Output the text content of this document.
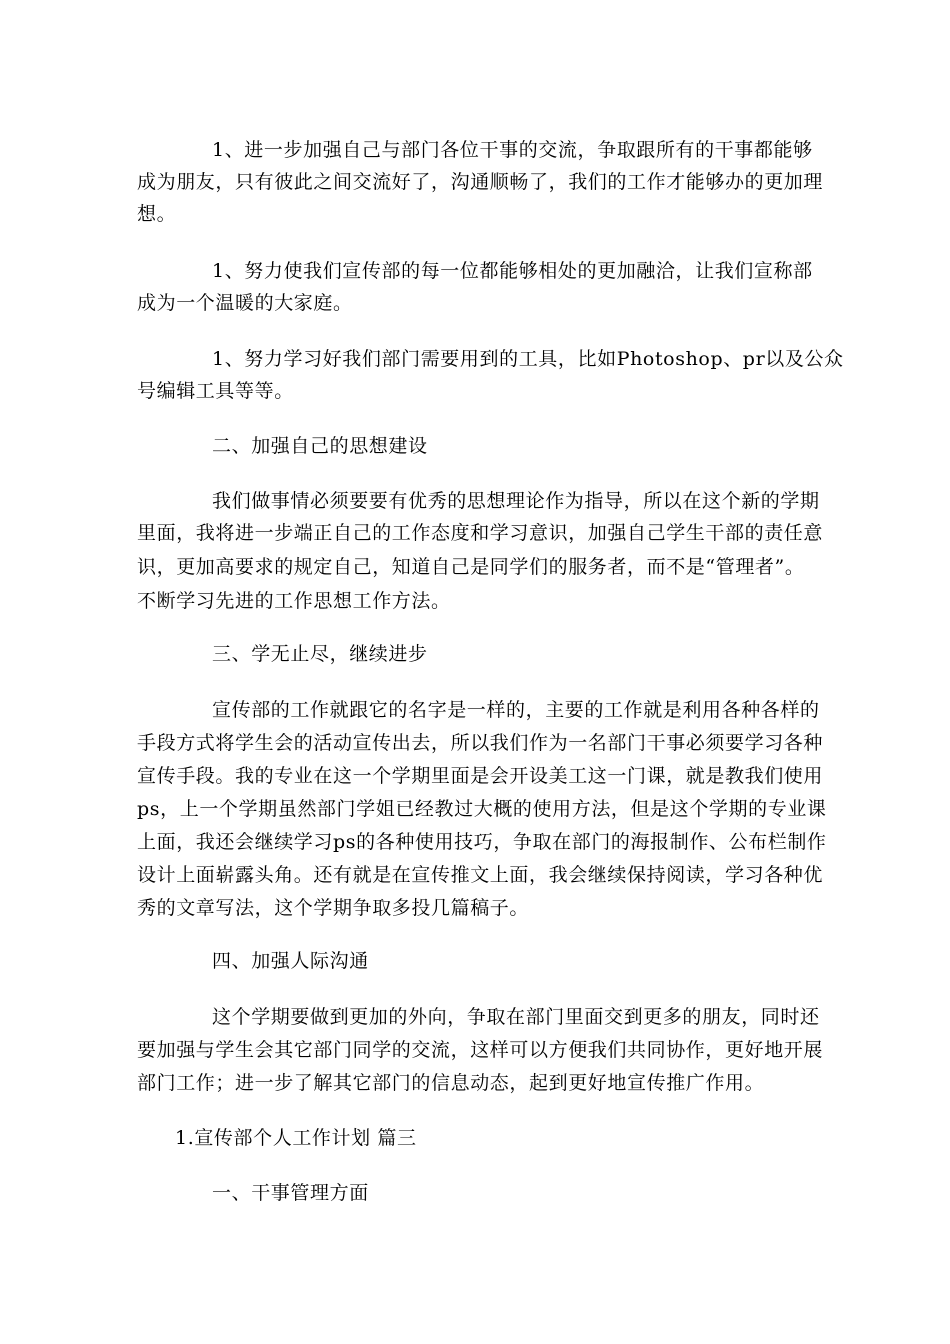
1、进一步加强自己与部门各位干事的交流，争取跟所有的干事都能够
成为朋友，只有彼此之间交流好了，沟通顺畅了，我们的工作才能够办的更加理
想。
1、努力使我们宣传部的每一位都能够相处的更加融洽，让我们宣称部
成为一个温暖的大家庭。
1、努力学习好我们部门需要用到的工具，比如Photoshop、pr以及公众
号编辑工具等等。
二、加强自己的思想建设
我们做事情必须要要有优秀的思想理论作为指导，所以在这个新的学期
里面，我将进一步端正自己的工作态度和学习意识，加强自己学生干部的责任意
识，更加高要求的规定自己，知道自己是同学们的服务者，而不是“管理者”。
不断学习先进的工作思想工作方法。
三、学无止尽，继续进步
宣传部的工作就跟它的名字是一样的，主要的工作就是利用各种各样的
手段方式将学生会的活动宣传出去，所以我们作为一名部门干事必须要学习各种
宣传手段。我的专业在这一个学期里面是会开设美工这一门课，就是教我们使用
ps，上一个学期虽然部门学姐已经教过大概的使用方法，但是这个学期的专业课
上面，我还会继续学习ps的各种使用技巧，争取在部门的海报制作、公布栏制作
设计上面崭露头角。还有就是在宣传推文上面，我会继续保持阅读，学习各种优
秀的文章写法，这个学期争取多投几篇稿子。
四、加强人际沟通
这个学期要做到更加的外向，争取在部门里面交到更多的朋友，同时还
要加强与学生会其它部门同学的交流，这样可以方便我们共同协作，更好地开展
部门工作；进一步了解其它部门的信息动态，起到更好地宣传推广作用。
1.宣传部个人工作计划 篇三
一、干事管理方面
